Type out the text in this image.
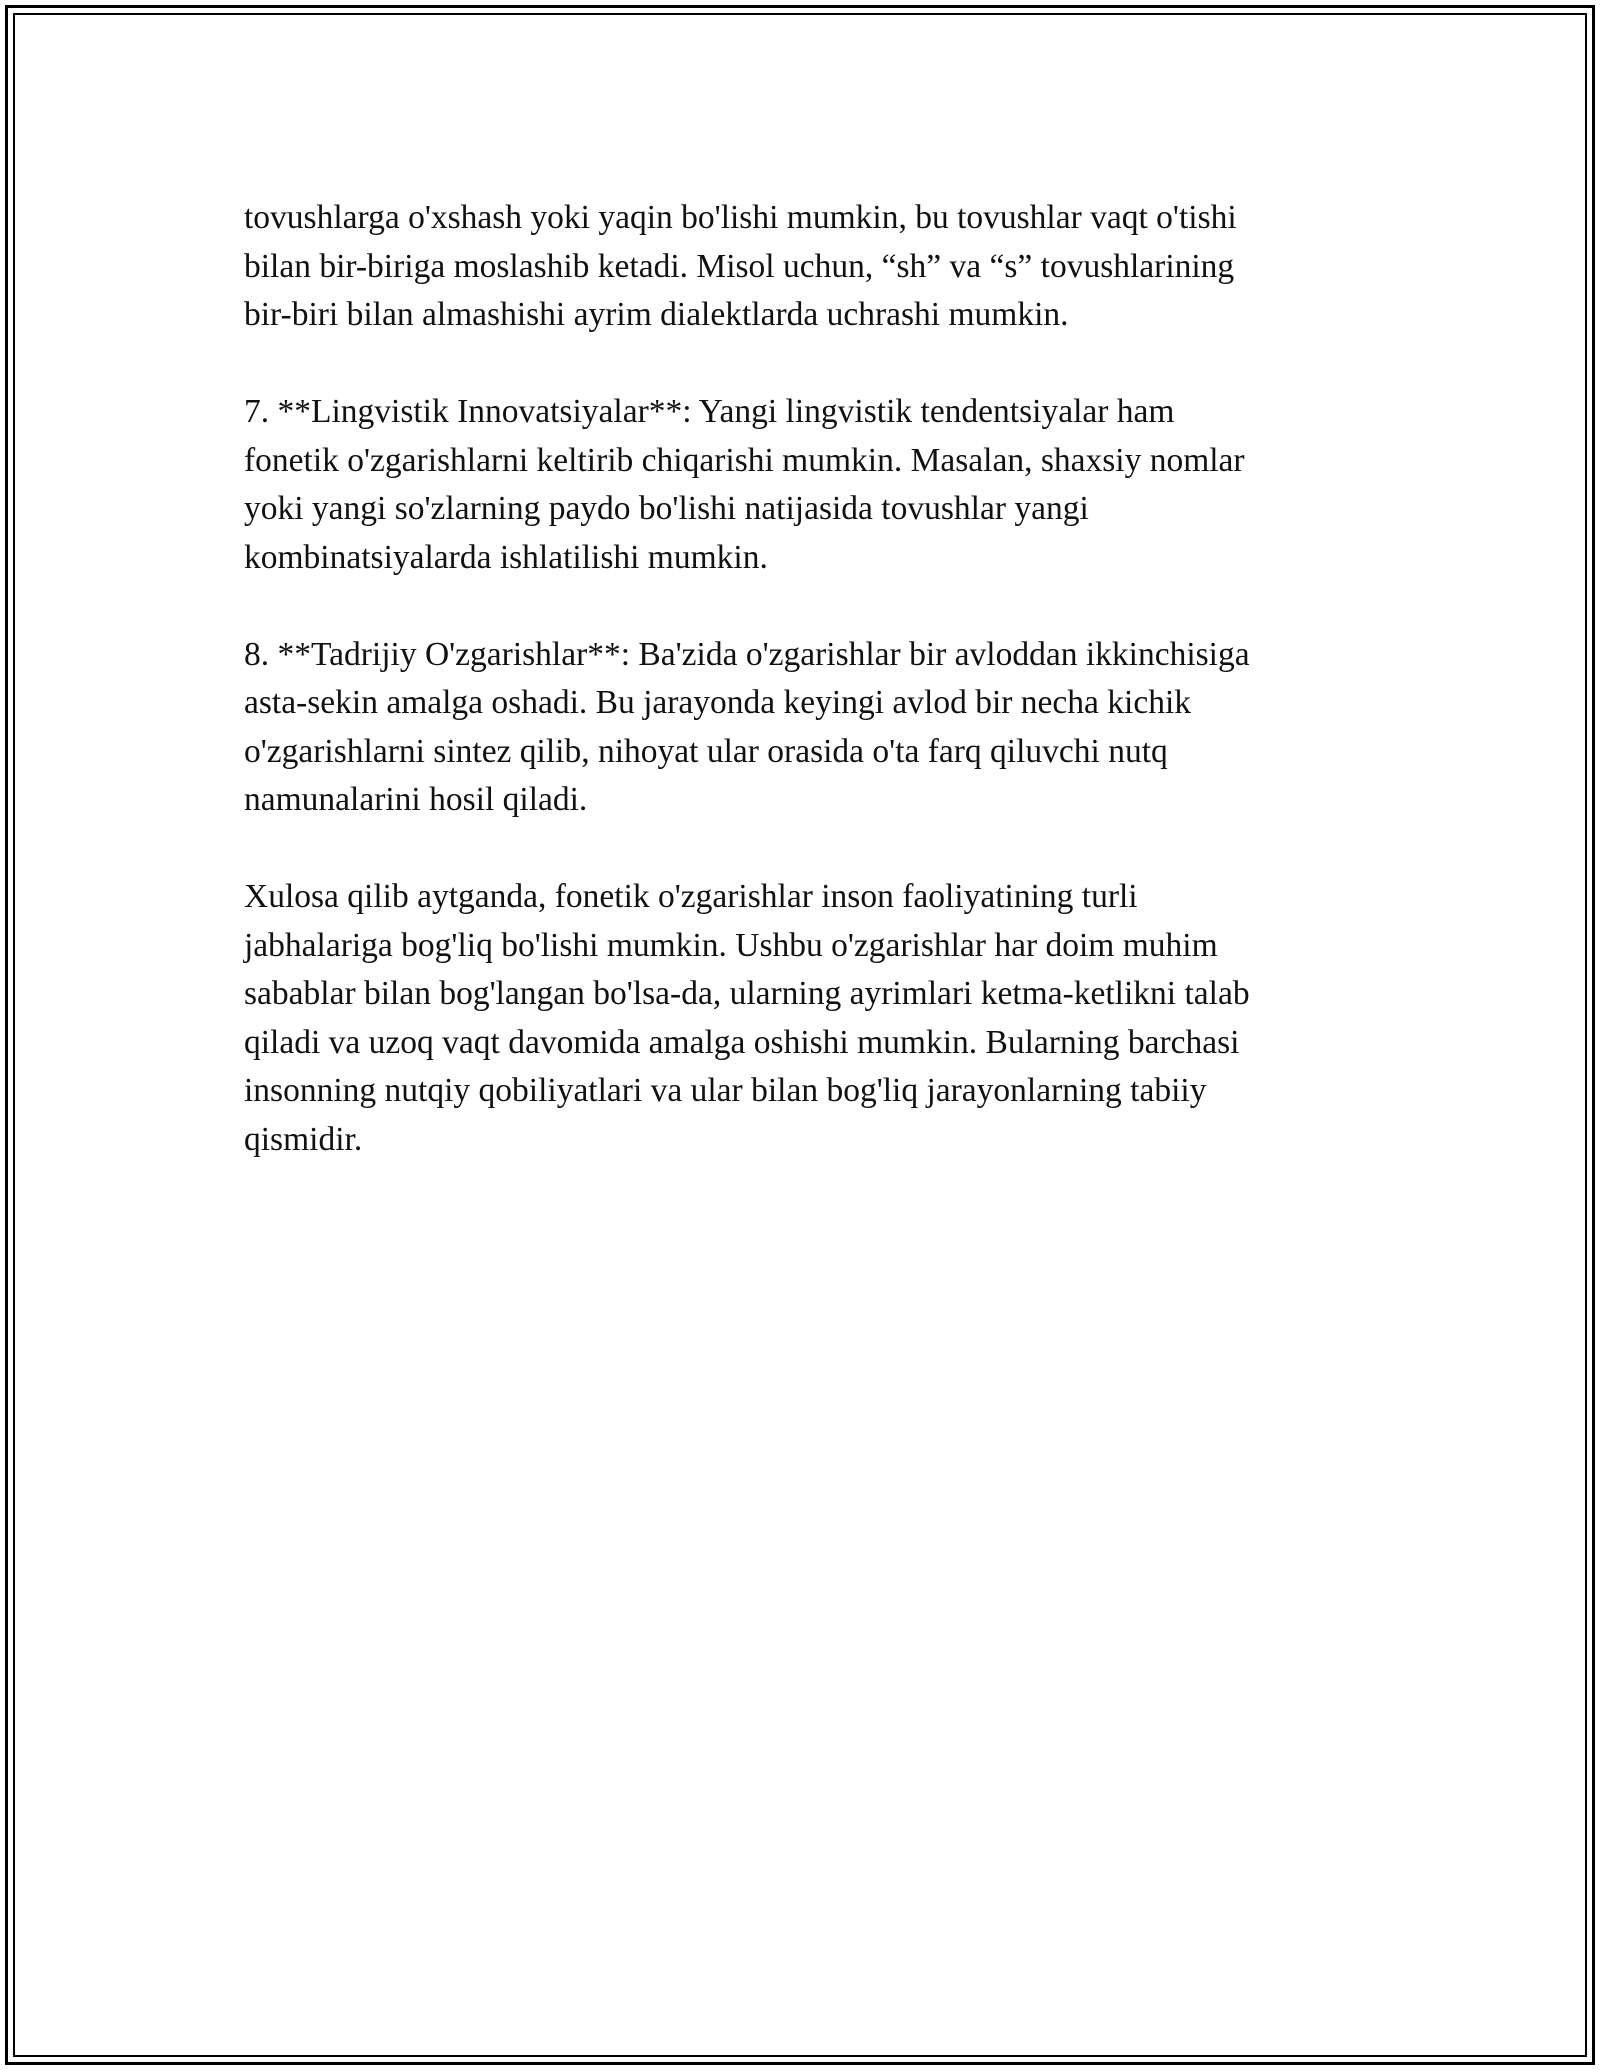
tovushlarga o'xshash yoki yaqin bo'lishi mumkin, bu tovushlar vaqt o'tishi
bilan bir-biriga moslashib ketadi. Misol uchun, “sh” va “s” tovushlarining
bir-biri bilan almashishi ayrim dialektlarda uchrashi mumkin.

7. **Lingvistik Innovatsiyalar**: Yangi lingvistik tendentsiyalar ham
fonetik o'zgarishlarni keltirib chiqarishi mumkin. Masalan, shaxsiy nomlar
yoki yangi so'zlarning paydo bo'lishi natijasida tovushlar yangi
kombinatsiyalarda ishlatilishi mumkin.

8. **Tadrijiy O'zgarishlar**: Ba'zida o'zgarishlar bir avloddan ikkinchisiga
asta-sekin amalga oshadi. Bu jarayonda keyingi avlod bir necha kichik
o'zgarishlarni sintez qilib, nihoyat ular orasida o'ta farq qiluvchi nutq
namunalarini hosil qiladi.

Xulosa qilib aytganda, fonetik o'zgarishlar inson faoliyatining turli
jabhalariga bog'liq bo'lishi mumkin. Ushbu o'zgarishlar har doim muhim
sabablar bilan bog'langan bo'lsa-da, ularning ayrimlari ketma-ketlikni talab
qiladi va uzoq vaqt davomida amalga oshishi mumkin. Bularning barchasi
insonning nutqiy qobiliyatlari va ular bilan bog'liq jarayonlarning tabiiy
qismidir.
